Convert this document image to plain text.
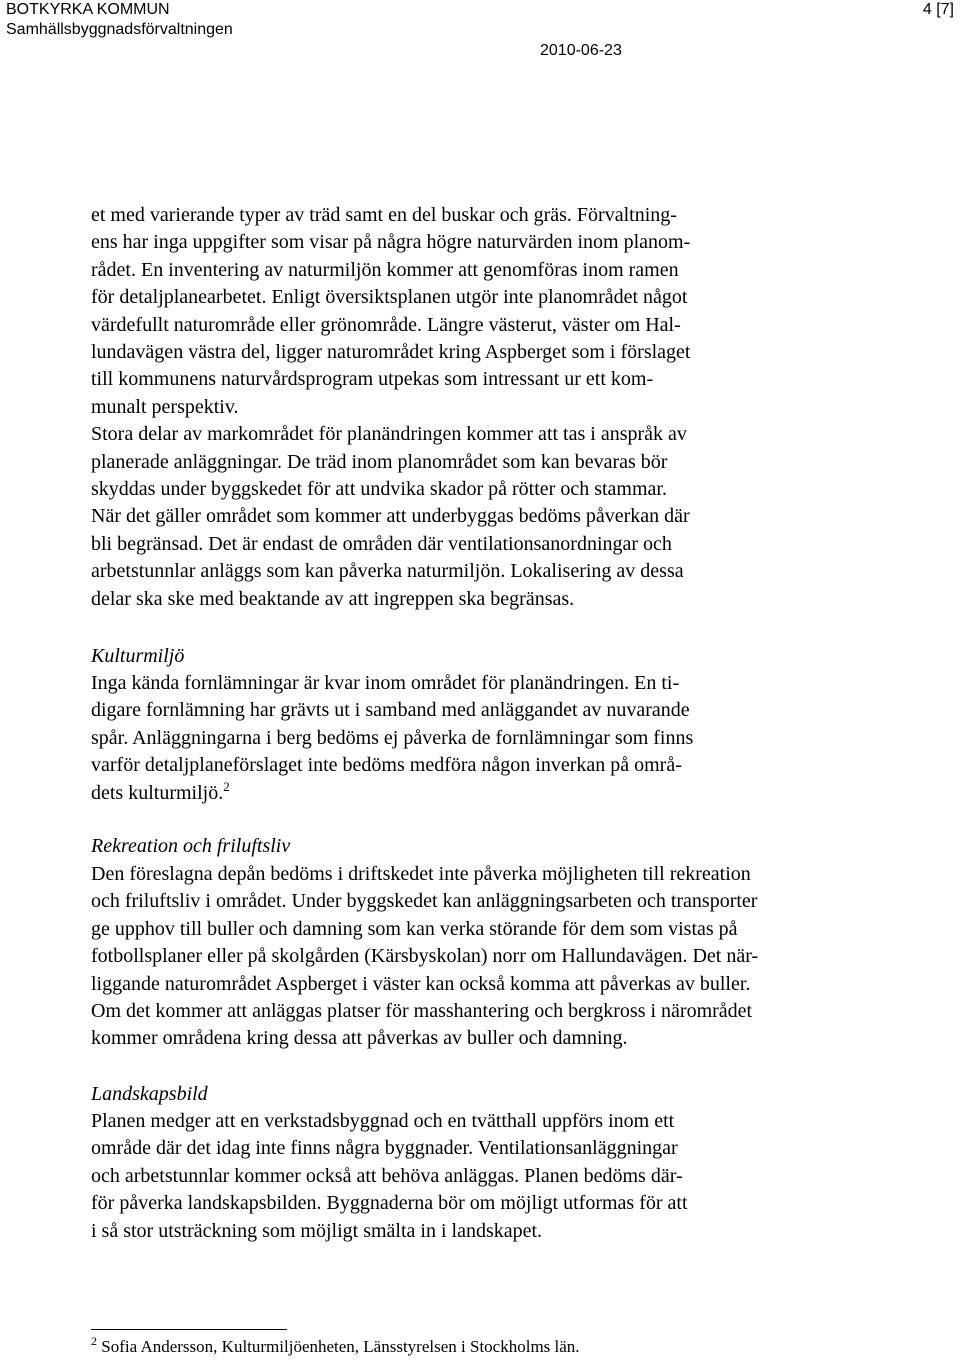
BOTKYRKA KOMMUN
Samhällsbyggnadsförvaltningen
4 [7]
2010-06-23
et med varierande typer av träd samt en del buskar och gräs. Förvaltning-
ens har inga uppgifter som visar på några högre naturvärden inom planom-
rådet. En inventering av naturmiljön kommer att genomföras inom ramen
för detaljplanearbetet. Enligt översiktsplanen utgör inte planområdet något
värdefullt naturområde eller grönområde. Längre västerut, väster om Hal-
lundavägen västra del, ligger naturområdet kring Aspberget som i förslaget
till kommunens naturvårdsprogram utpekas som intressant ur ett kom-
munalt perspektiv.
Stora delar av markområdet för planändringen kommer att tas i anspråk av
planerade anläggningar. De träd inom planområdet som kan bevaras bör
skyddas under byggskedet för att undvika skador på rötter och stammar.
När det gäller området som kommer att underbyggas bedöms påverkan där
bli begränsad. Det är endast de områden där ventilationsanordningar och
arbetstunnlar anläggs som kan påverka naturmiljön. Lokalisering av dessa
delar ska ske med beaktande av att ingreppen ska begränsas.
Kulturmiljö
Inga kända fornlämningar är kvar inom området för planändringen. En ti-
digare fornlämning har grävts ut i samband med anläggandet av nuvarande
spår. Anläggningarna i berg bedöms ej påverka de fornlämningar som finns
varför detaljplaneförslaget inte bedöms medföra någon inverkan på områ-
dets kulturmiljö.$^2$
Rekreation och friluftsliv
Den föreslagna depån bedöms i driftskedet inte påverka möjligheten till rekreation
och friluftsliv i området. Under byggskedet kan anläggningsarbeten och transporter
ge upphov till buller och damning som kan verka störande för dem som vistas på
fotbollsplaner eller på skolgården (Kärsbyskolan) norr om Hallundavägen. Det när-
liggande naturområdet Aspberget i väster kan också komma att påverkas av buller.
Om det kommer att anläggas platser för masshantering och bergkross i närområdet
kommer områdena kring dessa att påverkas av buller och damning.
Landskapsbild
Planen medger att en verkstadsbyggnad och en tvätthall uppförs inom ett
område där det idag inte finns några byggnader. Ventilationsanläggningar
och arbetstunnlar kommer också att behöva anläggas. Planen bedöms där-
för påverka landskapsbilden. Byggnaderna bör om möjligt utformas för att
i så stor utsträckning som möjligt smälta in i landskapet.
$^2$ Sofia Andersson, Kulturmiljöenheten, Länsstyrelsen i Stockholms län.
